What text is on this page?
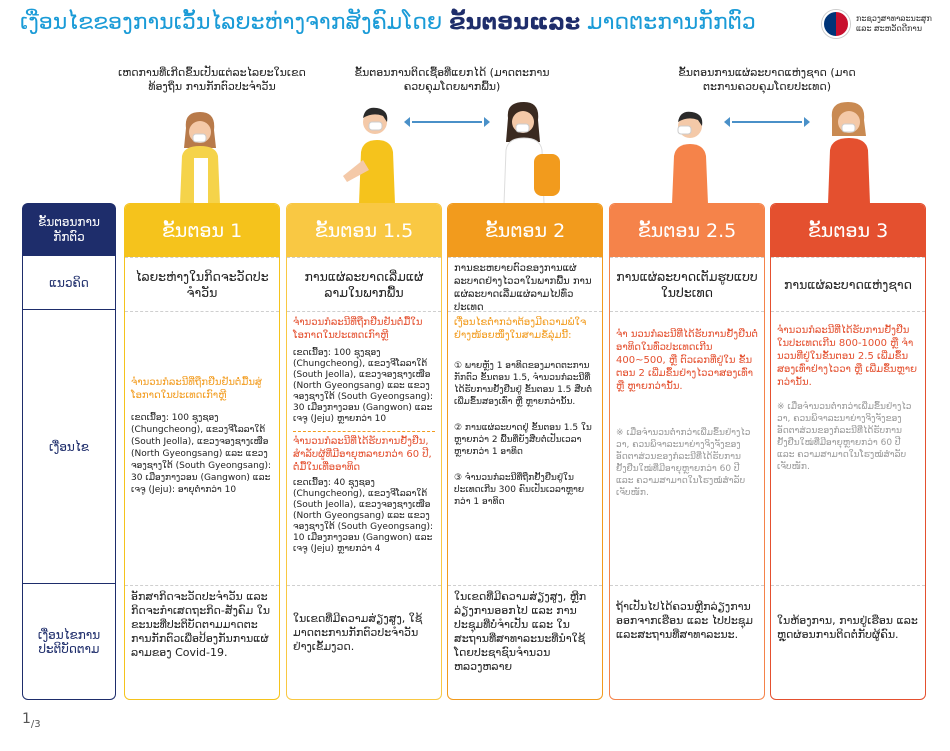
ເງື່ອນໄຂຂອງການເວັ້ນໄລຍະຫ່າງຈາກສັງຄົມໂດຍ ຂັ້ນຕອນແລະ ມາດຕະການກັກຕົວ	ກະຊວງສາທາລະນະສຸກ ແລະ ສະຫວັດດີການ
ເຫດການທີ່ເກີດຂຶ້ນເປັນແຕ່ລະໄລຍະໃນເຂດທ້ອງຖິ່ນ ການກັກຕົວປະຈໍາວັນ
ຂັ້ນຕອນການຕິດເຊື້ອທີ່ແຍກໄດ້ (ມາດຕະການຄວບຄຸມໂດຍພາກພື້ນ)
ຂັ້ນຕອນການແຜ່ລະບາດແຫ່ງຊາດ (ມາດຕະການຄວບຄຸມໂດຍປະເທດ)
ຂັ້ນຕອນການກັກຕົວ
ແນວຄິດ
ເງື່ອນໄຂ
ເງື່ອນໄຂການປະຕິບັດຕາມ
ຂັ້ນຕອນ 1
ໄລຍະຫ່າງໃນກິດຈະວັດປະຈໍາວັນ
ຈໍານວນກໍລະນີທີ່ຖືກຢືນຢັນຕໍ່ມື້ນສູ່ໂອກາດໃນປະເທດເກົາຫຼີ
ເຂດເນື້ອງ: 100 ຊຸງຊອງ (Chungcheong), ແຂວງຈີໂລລາໃຕ້ (South Jeolla), ແຂວງຈອງຊາງເໜືອ (North Gyeongsang) ແລະ ແຂວງຈອງຊາງໃຕ້ (South Gyeongsang): 30 ເມືອງກາງວອນ (Gangwon) ແລະ ເຈຈູ (Jeju): ອາຍຸຕໍ່າກວ່າ 10
ອັກສາກິດຈະວັດປະຈໍາວັນ ແລະ ກິດຈະກໍາເສດຖະກິດ-ສັງຄົມ ໃນຂະນະທີ່ປະຕິບັດຕາມມາດຕະການກັກຕົວເພື່ອປ້ອງກັນການແຜ່ລາມຂອງ Covid-19.
ຂັ້ນຕອນ 1.5
ການແຜ່ລະບາດເລີ່ມແຜ່ລາມໃນພາກພື້ນ
ຈໍານວນກໍລະນີທີ່ຖືກຢືນຢັນຕໍ່ມື້ໃນໂອກາດໃນປະເທດເກົາຫຼີ
ເຂດເນື້ອງ: 100 ຊຸງຊອງ (Chungcheong), ແຂວງຈີໂລລາໃຕ້ (South Jeolla), ແຂວງຈອງຊາງເໜືອ (North Gyeongsang) ແລະ ແຂວງຈອງຊາງໃຕ້ (South Gyeongsang): 30 ເມືອງກາງວອນ (Gangwon) ແລະ ເຈຈູ (Jeju) ຫຼາຍກວ່າ 10
ຈໍານວນກໍລະນີທີ່ໄດ້ຮັບການຢັ້ງຢືນ, ສໍາລັບຜູ້ທີ່ມີອາຍຸຫລາຍກວ່າ 60 ປີ, ຕໍ່ມື້ໃນເທື່ອອາທິດ
ເຂດເນື້ອງ: 40 ຊຸງຊອງ (Chungcheong), ແຂວງຈີໂລລາໃຕ້ (South Jeolla), ແຂວງຈອງຊາງເໜືອ (North Gyeongsang) ແລະ ແຂວງຈອງຊາງໃຕ້ (South Gyeongsang): 10 ເມືອງກາງວອນ (Gangwon) ແລະ ເຈຈູ (Jeju) ຫຼາຍກວ່າ 4
ໃນເຂດທີ່ມີຄວາມສ່ຽງສູງ, ໃຊ້ມາດຕະການກັກຕົວປະຈໍາວັນຢ່າງເຂັ້ມງວດ.
ຂັ້ນຕອນ 2
ການຂະຫຍາຍຕົວຂອງການແຜ່ລະບາດຢ່າງໄວວາໃນພາກພື້ນ ການແຜ່ລະບາດເລີ່ມແຜ່ລາມໄປທົ່ວປະເທດ
ເງື່ອນໄຂຕໍ່າກວ່າຕ້ອງມີຄວາມພໍໃຈຢ່າງໜ້ອຍໜຶ່ງໃນສາມຂໍ້ລຸ່ມນີ້:
① ພາຍຫຼັງ 1 ອາທິດຂອງມາດຕະການກັກຕົວ ຂັ້ນຕອນ 1.5, ຈໍານວນກໍລະນີທີ່ໄດ້ຮັບການຢັ້ງຢືນຢູ່ ຂັ້ນຕອນ 1.5 ສືບຕໍ່ເພີ່ມຂຶ້ນສອງເທົ່າ ຫຼື ຫຼາຍກວ່ານັ້ນ.
② ການແຜ່ລະບາດຢູ່ ຂັ້ນຕອນ 1.5 ໃນຫຼາຍກວ່າ 2 ພື້ນທີ່ຍັງສືບຕໍ່ເປັນເວລາຫຼາຍກວ່າ 1 ອາທິດ
③ ຈໍານວນກໍລະນີທີ່ຖືກຢັ້ງຢືນຢູ່ໃນປະເທດເກີນ 300 ຄົນເປັນເວລາຫຼາຍກວ່າ 1 ອາທິດ
ໃນເຂດທີ່ມີຄວາມສ່ຽງສູງ, ຫຼີກລ່ຽງການອອກໄປ ແລະ ການປະຊຸມທີ່ບໍ່ຈໍາເປັນ ແລະ ໃນສະຖານທີ່ສາທາລະນະທີ່ນໍາໃຊ້ໂດຍປະຊາຊົນຈໍານວນຫລວງຫລາຍ
ຂັ້ນຕອນ 2.5
ການແຜ່ລະບາດເຕັມຮູບແບບໃນປະເທດ
ຈໍາ ນວນກໍລະນີທີ່ໄດ້ຮັບການຢັ້ງຢືນຕໍ່ອາທິດໃນທົ່ວປະເທດເກີນ 400~500, ຫຼື ຕົວເລກທີ່ຢູ່ໃນ ຂັ້ນຕອນ 2 ເພີ່ມຂຶ້ນຢ່າງໄວວາສອງເທົ່າ ຫຼື ຫຼາຍກວ່ານັ້ນ.
※ ເມື່ອຈໍານວນຕໍ່າກວ່າເພີ່ມຂຶ້ນຢ່າງໄວວາ, ຄວນພິຈາລະນາຍ່າງຈິງຈັງຂອງອັດຕາສ່ວນຂອງກໍລະນີທີ່ໄດ້ຮັບການຢັ້ງຢືນໃໝ່ທີ່ມີອາຍຸຫຼາຍກວ່າ 60 ປີ ແລະ ຄວາມສາມາດໃນໂຮງໝໍສໍາລັບເຈັບໜັກ.
ຖ້າເປັນໄປໄດ້ຄວນຫຼີກລ່ຽງການອອກຈາກເຮືອນ ແລະ ໄປປະຊຸມ ແລະສະຖານທີ່ສາທາລະນະ.
ຂັ້ນຕອນ 3
ການແຜ່ລະບາດແຫ່ງຊາດ
ຈໍານວນກໍລະນີທີ່ໄດ້ຮັບການຢັ້ງຢືນໃນປະເທດເກີນ 800-1000 ຫຼື ຈໍານວນທີ່ຢູ່ໃນຂັ້ນຕອນ 2.5 ເພີ່ມຂຶ້ນສອງເທົ່າຢ່າງໄວວາ ຫຼື ເພີ່ມຂຶ້ນຫຼາຍກວ່ານັ້ນ.
※ ເມື່ອຈໍານວນຕໍ່າກວ່າເພີ່ມຂຶ້ນຢ່າງໄວວາ, ຄວນພິຈາລະນາຍ່າງຈິງຈັງຂອງອັດຕາສ່ວນຂອງກໍລະນີທີ່ໄດ້ຮັບການຢັ້ງຢືນໃໝ່ທີ່ມີອາຍຸຫຼາຍກວ່າ 60 ປີ ແລະ ຄວາມສາມາດໃນໂຮງໝໍສໍາລັບເຈັບໜັກ.
ໃນຫ້ອງການ, ການຢູ່ເຮືອນ ແລະ ຫຼຸດຜ່ອນການຕິດຕໍ່ກັບຜູ້ຄົນ.
$1_{/3}$
